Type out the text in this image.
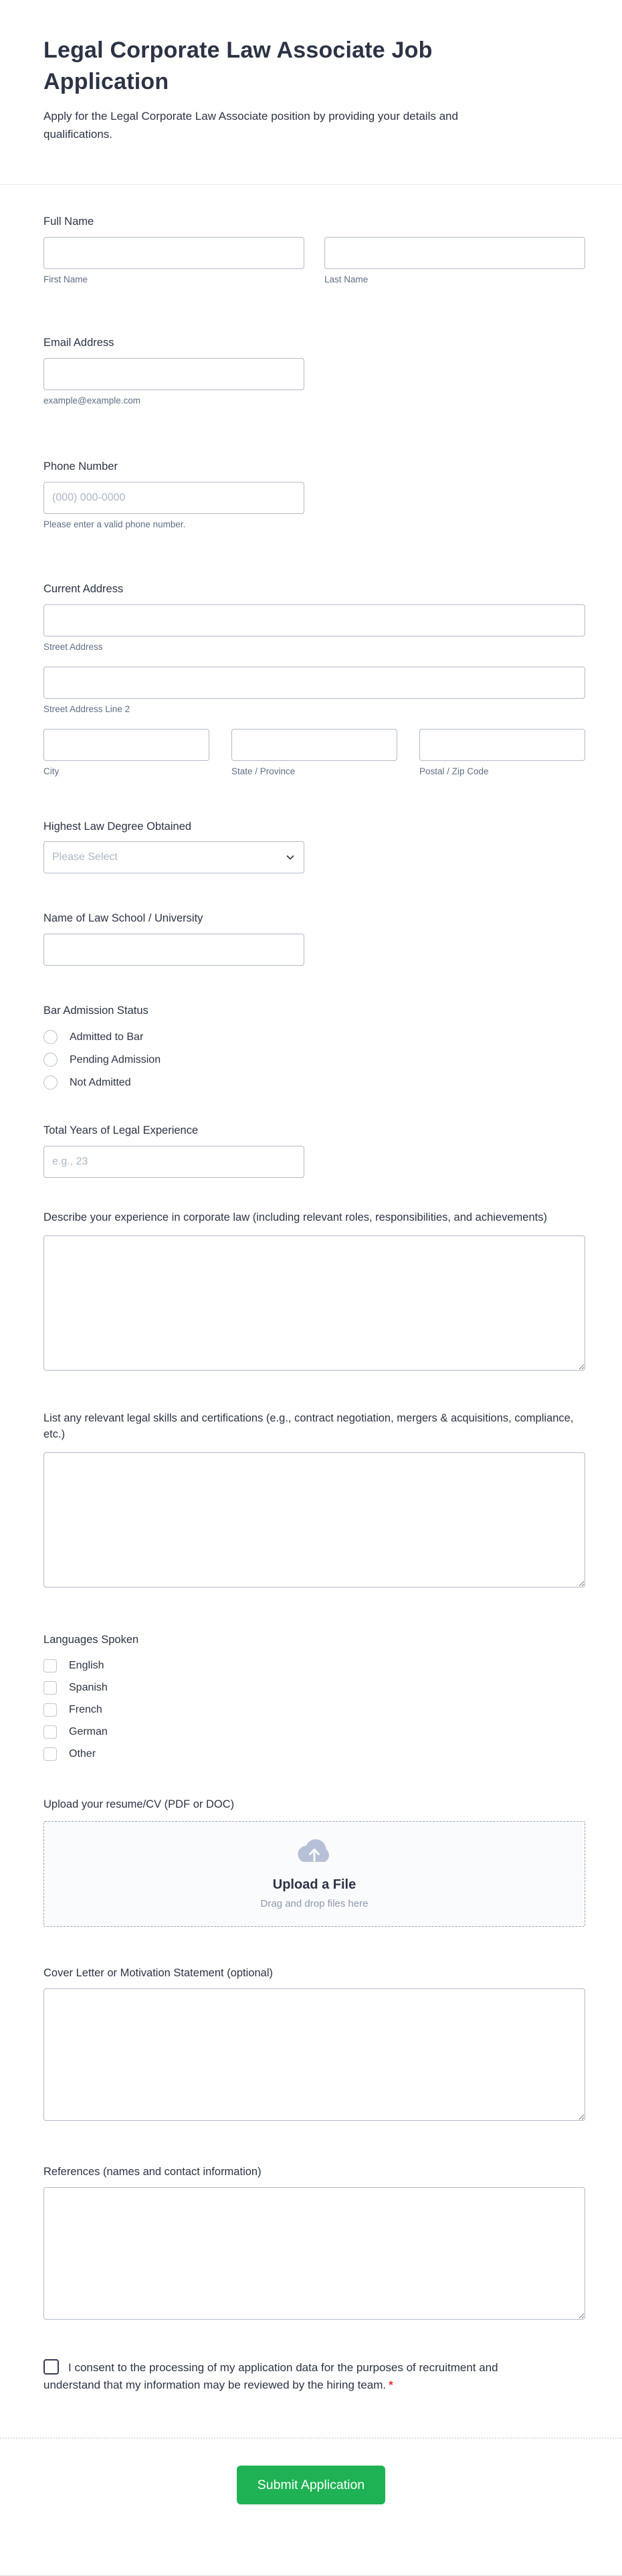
Legal Corporate Law Associate Job Application

Apply for the Legal Corporate Law Associate position by providing your details and qualifications.

Full Name
First Name	Last Name
Email Address
example@example.com
Phone Number
(000) 000-0000
Please enter a valid phone number.
Current Address
Street Address
Street Address Line 2
City	State / Province	Postal / Zip Code
Highest Law Degree Obtained
Please Select
Name of Law School / University
Bar Admission Status
Admitted to Bar
Pending Admission
Not Admitted
Total Years of Legal Experience
e.g., 23
Describe your experience in corporate law (including relevant roles, responsibilities, and achievements)
List any relevant legal skills and certifications (e.g., contract negotiation, mergers & acquisitions, compliance, etc.)
Languages Spoken
English
Spanish
French
German
Other
Upload your resume/CV (PDF or DOC)
Upload a File
Drag and drop files here
Cover Letter or Motivation Statement (optional)
References (names and contact information)

I consent to the processing of my application data for the purposes of recruitment and understand that my information may be reviewed by the hiring team. *

Submit Application
